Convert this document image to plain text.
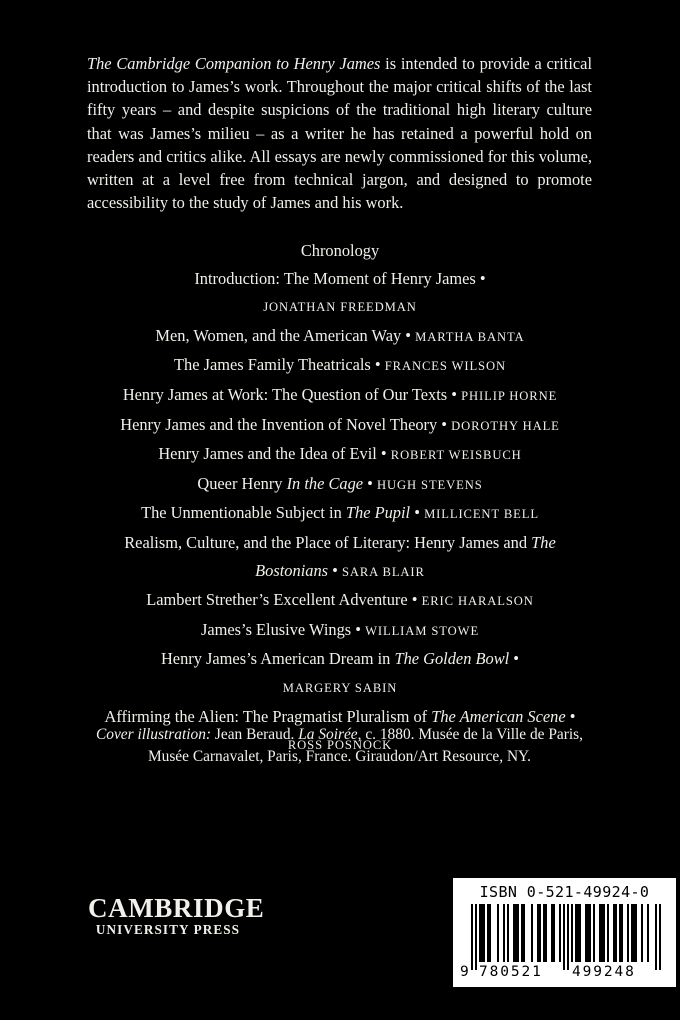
The Cambridge Companion to Henry James is intended to provide a critical introduction to James’s work. Throughout the major critical shifts of the last fifty years – and despite suspicions of the traditional high literary culture that was James’s milieu – as a writer he has retained a powerful hold on readers and critics alike. All essays are newly commissioned for this volume, written at a level free from technical jargon, and designed to promote accessibility to the study of James and his work.

Chronology
Introduction: The Moment of Henry James •
JONATHAN FREEDMAN
Men, Women, and the American Way • MARTHA BANTA
The James Family Theatricals • FRANCES WILSON
Henry James at Work: The Question of Our Texts • PHILIP HORNE
Henry James and the Invention of Novel Theory • DOROTHY HALE
Henry James and the Idea of Evil • ROBERT WEISBUCH
Queer Henry In the Cage • HUGH STEVENS
The Unmentionable Subject in The Pupil • MILLICENT BELL
Realism, Culture, and the Place of Literary: Henry James and The
Bostonians • SARA BLAIR
Lambert Strether’s Excellent Adventure • ERIC HARALSON
James’s Elusive Wings • WILLIAM STOWE
Henry James’s American Dream in The Golden Bowl •
MARGERY SABIN
Affirming the Alien: The Pragmatist Pluralism of The American Scene •
ROSS POSNOCK

Cover illustration: Jean Beraud. La Soirée, c. 1880. Musée de la Ville de Paris,
Musée Carnavalet, Paris, France. Giraudon/Art Resource, NY.

CAMBRIDGE
UNIVERSITY PRESS
ISBN 0-521-49924-0
9 780521 499248
